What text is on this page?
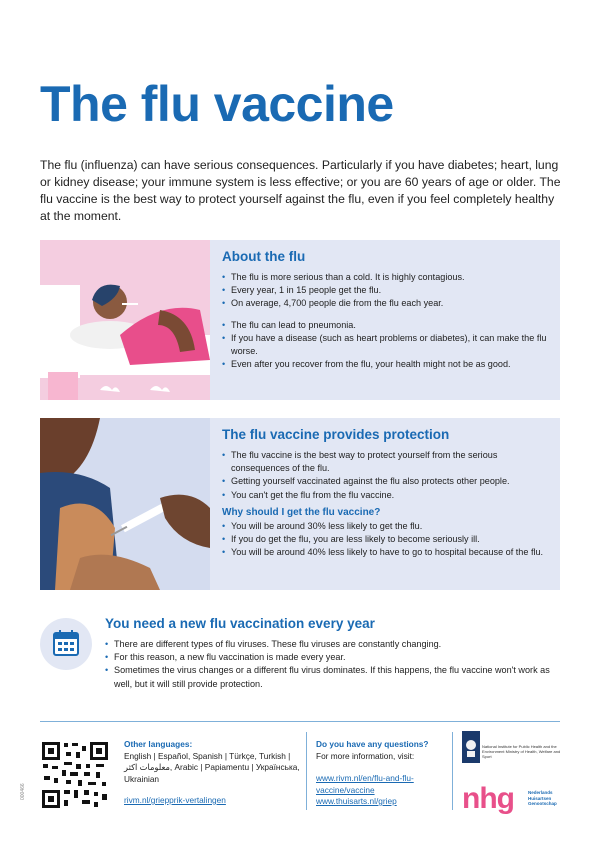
The flu vaccine

The flu (influenza) can have serious consequences. Particularly if you have diabetes; heart, lung or kidney disease; your immune system is less effective; or you are 60 years of age or older. The flu vaccine is the best way to protect yourself against the flu, even if you feel completely healthy at the moment.

About the flu
• The flu is more serious than a cold. It is highly contagious.
• Every year, 1 in 15 people get the flu.
• On average, 4,700 people die from the flu each year.
• The flu can lead to pneumonia.
• If you have a disease (such as heart problems or diabetes), it can make the flu worse.
• Even after you recover from the flu, your health might not be as good.
The flu vaccine provides protection
• The flu vaccine is the best way to protect yourself from the serious consequences of the flu.
• Getting yourself vaccinated against the flu also protects other people.
• You can't get the flu from the flu vaccine.
Why should I get the flu vaccine?
• You will be around 30% less likely to get the flu.
• If you do get the flu, you are less likely to become seriously ill.
• You will be around 40% less likely to have to go to hospital because of the flu.
You need a new flu vaccination every year
• There are different types of flu viruses. These flu viruses are constantly changing.
• For this reason, a new flu vaccination is made every year.
• Sometimes the virus changes or a different flu virus dominates. If this happens, the flu vaccine won't work as well, but it will still provide protection.
000466
Other languages:
English | Español, Spanish | Türkçe, Turkish | معلومات اكثر, Arabic | Papiamentu | Українська, Ukrainian
rivm.nl/griepprik-vertalingen
Do you have any questions?
For more information, visit:
www.rivm.nl/en/flu-and-flu-vaccine/vaccine
www.thuisarts.nl/griep
National Institute for Public Health and the Environment Ministry of Health, Welfare and Sport
nhg	Nederlands Huisartsen Genootschap
